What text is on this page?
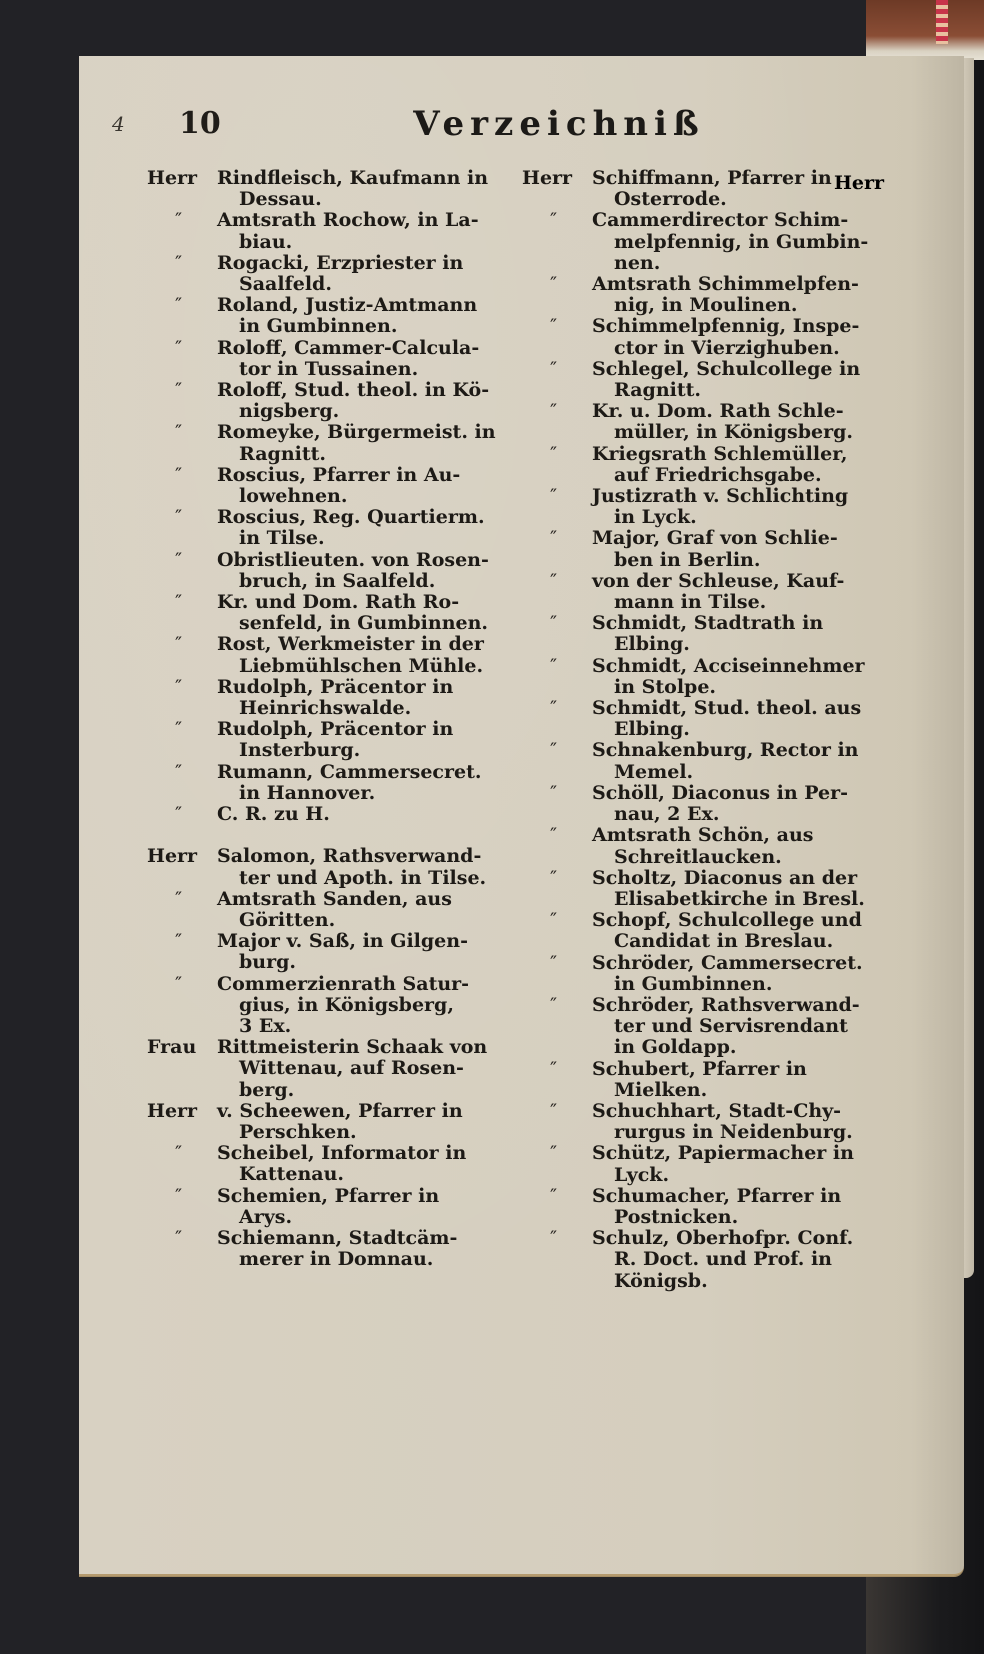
4 10	Verzeichniß
Herr	Rindfleisch, Kaufmann in
Dessau.
″ Amtsrath Rochow, in La-
biau.
″ Rogacki, Erzpriester in
Saalfeld.
″ Roland, Justiz-Amtmann
in Gumbinnen.
″ Roloff, Cammer-Calcula-
tor in Tussainen.
″ Roloff, Stud. theol. in Kö-
nigsberg.
″ Romeyke, Bürgermeist. in
Ragnitt.
″ Roscius, Pfarrer in Au-
lowehnen.
″ Roscius, Reg. Quartierm.
in Tilse.
″ Obristlieuten. von Rosen-
bruch, in Saalfeld.
″ Kr. und Dom. Rath Ro-
senfeld, in Gumbinnen.
″ Rost, Werkmeister in der
Liebmühlschen Mühle.
″ Rudolph, Präcentor in
Heinrichswalde.
″ Rudolph, Präcentor in
Insterburg.
″ Rumann, Cammersecret.
in Hannover.
″ C. R. zu H.
Herr	Salomon, Rathsverwand-
ter und Apoth. in Tilse.
″ Amtsrath Sanden, aus
Göritten.
″ Major v. Saß, in Gilgen-
burg.
″ Commerzienrath Satur-
gius, in Königsberg,
3 Ex.
Frau	Rittmeisterin Schaak von
Wittenau, auf Rosen-
berg.
Herr	v. Scheewen, Pfarrer in
Perschken.
″ Scheibel, Informator in
Kattenau.
″ Schemien, Pfarrer in
Arys.
″ Schiemann, Stadtcäm-
merer in Domnau.
Herr	Schiffmann, Pfarrer in
Osterrode.
″ Cammerdirector Schim-
melpfennig, in Gumbin-
nen.
″ Amtsrath Schimmelpfen-
nig, in Moulinen.
″ Schimmelpfennig, Inspe-
ctor in Vierzighuben.
″ Schlegel, Schulcollege in
Ragnitt.
″ Kr. u. Dom. Rath Schle-
müller, in Königsberg.
″ Kriegsrath Schlemüller,
auf Friedrichsgabe.
″ Justizrath v. Schlichting
in Lyck.
″ Major, Graf von Schlie-
ben in Berlin.
″ von der Schleuse, Kauf-
mann in Tilse.
″ Schmidt, Stadtrath in
Elbing.
″ Schmidt, Acciseinnehmer
in Stolpe.
″ Schmidt, Stud. theol. aus
Elbing.
″ Schnakenburg, Rector in
Memel.
″ Schöll, Diaconus in Per-
nau, 2 Ex.
″ Amtsrath Schön, aus
Schreitlaucken.
″ Scholtz, Diaconus an der
Elisabetkirche in Bresl.
″ Schopf, Schulcollege und
Candidat in Breslau.
″ Schröder, Cammersecret.
in Gumbinnen.
″ Schröder, Rathsverwand-
ter und Servisrendant
in Goldapp.
″ Schubert, Pfarrer in
Mielken.
″ Schuchhart, Stadt-Chy-
rurgus in Neidenburg.
″ Schütz, Papiermacher in
Lyck.
″ Schumacher, Pfarrer in
Postnicken.
″ Schulz, Oberhofpr. Conf.
R. Doct. und Prof. in
Königsb.
Herr
